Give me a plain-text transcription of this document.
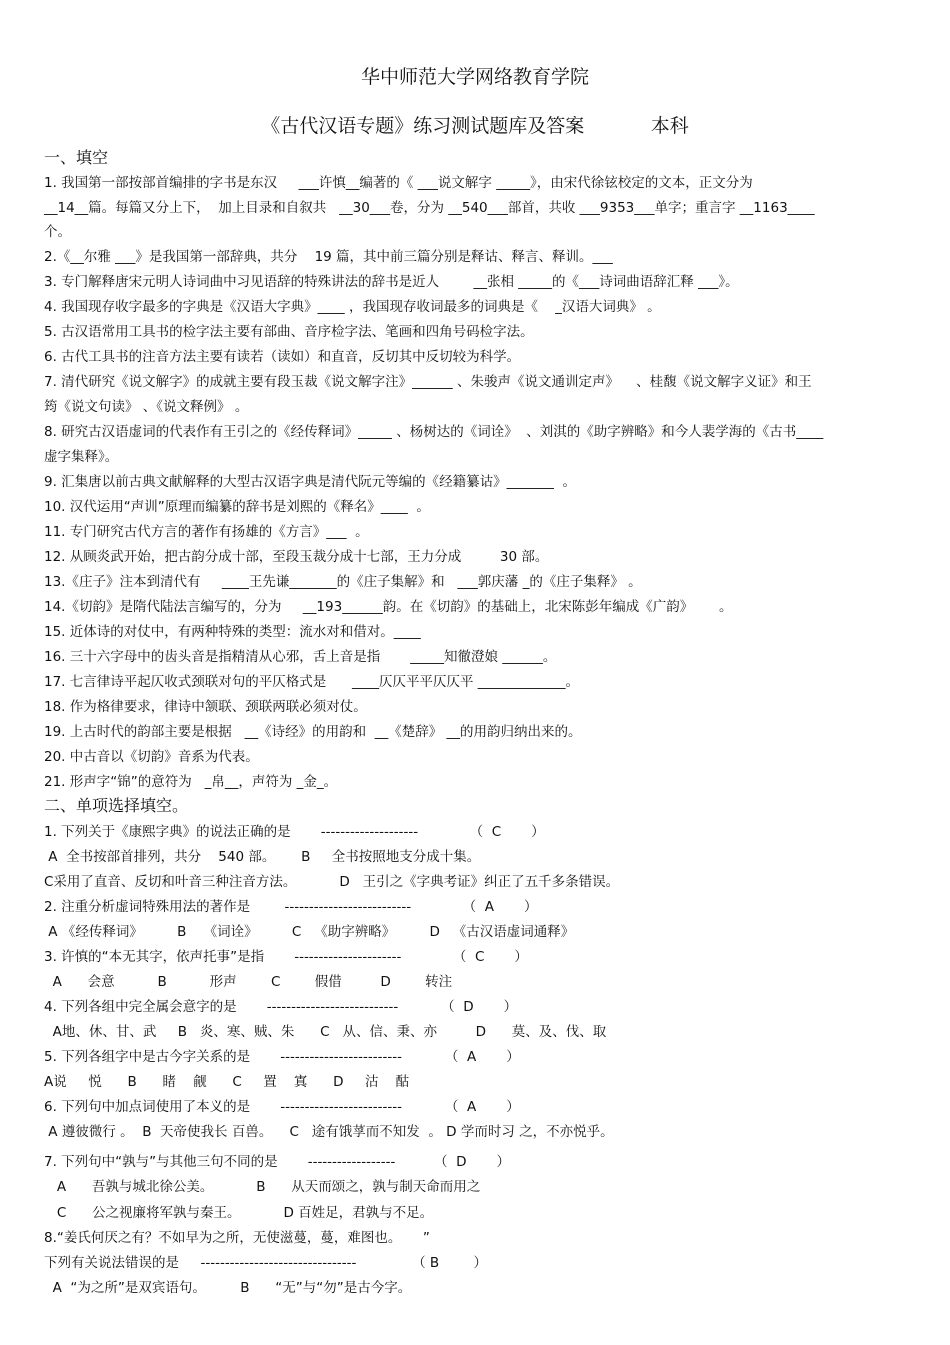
华中师范大学网络教育学院
《古代汉语专题》练习测试题库及答案           本科
一、填空
1. 我国第一部按部首编排的字书是东汉     ___许慎__编著的《 ___说文解字 _____》，由宋代徐铉校定的文本，正文分为
__14__篇。每篇又分上下，  加上目录和自叙共   __30___卷，分为 __540___部首，共收 ___9353___单字；重言字 __1163____
个。
2.《__尔雅 ___》是我国第一部辞典，共分    19 篇，其中前三篇分别是释诂、释言、释训。___
3. 专门解释唐宋元明人诗词曲中习见语辞的特殊讲法的辞书是近人        __张相 _____的《___诗词曲语辞汇释 ___》。
4. 我国现存收字最多的字典是《汉语大字典》____ ，我国现存收词最多的词典是《    _汉语大词典》 。
5. 古汉语常用工具书的检字法主要有部曲、音序检字法、笔画和四角号码检字法。
6. 古代工具书的注音方法主要有读若（读如）和直音，反切其中反切较为科学。
7. 清代研究《说文解字》的成就主要有段玉裁《说文解字注》______ 、朱骏声《说文通训定声》    、桂馥《说文解字义证》和王
筠《说文句读》 、《说文释例》 。
8. 研究古汉语虚词的代表作有王引之的《经传释词》_____ 、杨树达的《词诠》  、刘淇的《助字辨略》和今人裴学海的《古书____
虚字集释》。
9. 汇集唐以前古典文献解释的大型古汉语字典是清代阮元等编的《经籍纂诂》_______  。
10. 汉代运用“声训”原理而编纂的辞书是刘熙的《释名》____  。
11. 专门研究古代方言的著作有扬雄的《方言》___  。
12. 从顾炎武开始，把古韵分成十部，至段玉裁分成十七部，王力分成         30 部。
13.《庄子》注本到清代有     ____王先谦_______的《庄子集解》和   ___郭庆藩 _的《庄子集释》 。
14.《切韵》是隋代陆法言编写的，分为     __193______韵。在《切韵》的基础上，北宋陈彭年编成《广韵》      。
15. 近体诗的对仗中，有两种特殊的类型：流水对和借对。____
16. 三十六字母中的齿头音是指精清从心邪，舌上音是指       _____知徹澄娘 ______。
17. 七言律诗平起仄收式颈联对句的平仄格式是      ____仄仄平平仄仄平 _____________。
18. 作为格律要求，律诗中颔联、颈联两联必须对仗。
19. 上古时代的韵部主要是根据   __《诗经》的用韵和  __《楚辞》 __的用韵归纳出来的。
20. 中古音以《切韵》音系为代表。
21. 形声字“锦”的意符为   _帛__，声符为 _金_。
二、单项选择填空。
1. 下列关于《康熙字典》的说法正确的是       --------------------            （  C       ）
A  全书按部首排列，共分    540 部。      B     全书按照地支分成十集。
C采用了直音、反切和叶音三种注音方法。          D   王引之《字典考证》纠正了五千多条错误。
2. 注重分析虚词特殊用法的著作是        --------------------------            （  A       ）
A 《经传释词》        B    《词诠》        C   《助字辨略》        D   《古汉语虚词通释》
3. 许慎的“本无其字，依声托事”是指       ----------------------            （  C       ）
A      会意          B          形声        C        假借         D        转注
4. 下列各组中完全属会意字的是       ---------------------------          （  D       ）
A地、休、甘、武     B   炎、寒、贼、朱      C   从、信、秉、亦         D      莫、及、伐、取
5. 下列各组字中是古今字关系的是       -------------------------          （  A       ）
A说     悦      B      睹    觎      C     置    寘      D     沽    酤
6. 下列句中加点词使用了本义的是       -------------------------          （  A       ）
A 遵彼微行 。  B  天帝使我长 百兽。    C   途有饿莩而不知发  。 D 学而时习 之，不亦悦乎。
7. 下列句中“孰与”与其他三句不同的是       ------------------         （  D       ）
A      吾孰与城北徐公美。          B      从天而颂之，孰与制天命而用之
C      公之视廉将军孰与秦王。          D 百姓足，君孰与不足。
8.“姜氏何厌之有？不如早为之所，无使滋蔓，蔓，难图也。     ”
下列有关说法错误的是     --------------------------------             （ B        ）
A  “为之所”是双宾语句。        B      “无”与“勿”是古今字。
